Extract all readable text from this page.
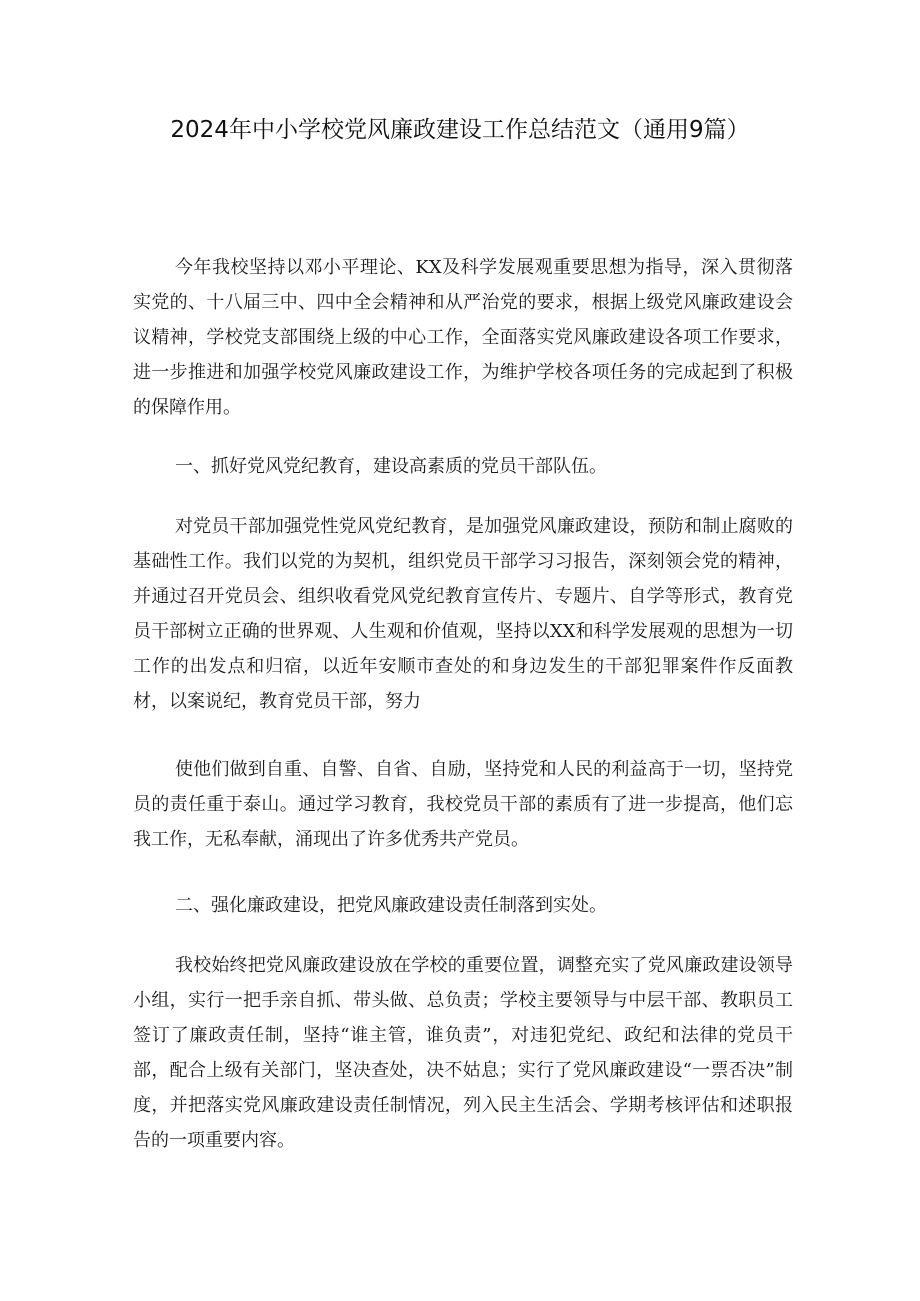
2024年中小学校党风廉政建设工作总结范文（通用9篇）

今年我校坚持以邓小平理论、KX及科学发展观重要思想为指导，深入贯彻落实党的、十八届三中、四中全会精神和从严治党的要求，根据上级党风廉政建设会议精神，学校党支部围绕上级的中心工作，全面落实党风廉政建设各项工作要求，进一步推进和加强学校党风廉政建设工作，为维护学校各项任务的完成起到了积极的保障作用。

一、抓好党风党纪教育，建设高素质的党员干部队伍。

对党员干部加强党性党风党纪教育，是加强党风廉政建设，预防和制止腐败的基础性工作。我们以党的为契机，组织党员干部学习习报告，深刻领会党的精神，并通过召开党员会、组织收看党风党纪教育宣传片、专题片、自学等形式，教育党员干部树立正确的世界观、人生观和价值观，坚持以XX和科学发展观的思想为一切工作的出发点和归宿，以近年安顺市查处的和身边发生的干部犯罪案件作反面教材，以案说纪，教育党员干部，努力

使他们做到自重、自警、自省、自励，坚持党和人民的利益高于一切，坚持党员的责任重于泰山。通过学习教育，我校党员干部的素质有了进一步提高，他们忘我工作，无私奉献，涌现出了许多优秀共产党员。

二、强化廉政建设，把党风廉政建设责任制落到实处。

我校始终把党风廉政建设放在学校的重要位置，调整充实了党风廉政建设领导小组，实行一把手亲自抓、带头做、总负责；学校主要领导与中层干部、教职员工签订了廉政责任制，坚持“谁主管，谁负责”，对违犯党纪、政纪和法律的党员干部，配合上级有关部门，坚决查处，决不姑息；实行了党风廉政建设“一票否决”制度，并把落实党风廉政建设责任制情况，列入民主生活会、学期考核评估和述职报告的一项重要内容。
